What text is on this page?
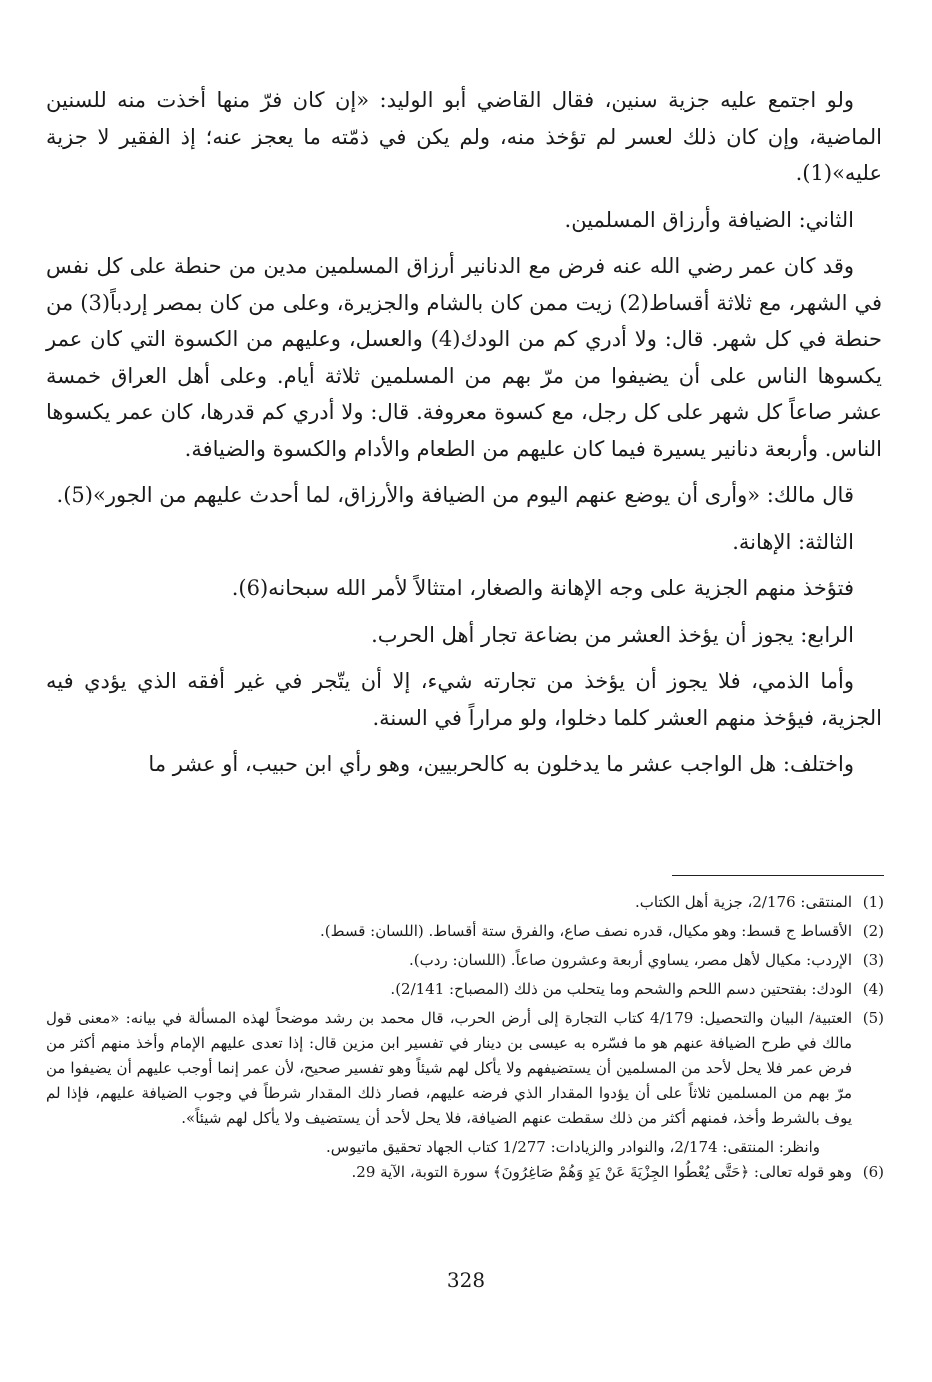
ولو اجتمع عليه جزية سنين، فقال القاضي أبو الوليد: «إن كان فرّ منها أخذت منه للسنين الماضية، وإن كان ذلك لعسر لم تؤخذ منه، ولم يكن في ذمّته ما يعجز عنه؛ إذ الفقير لا جزية عليه»(1).

الثاني: الضيافة وأرزاق المسلمين.

وقد كان عمر رضي الله عنه فرض مع الدنانير أرزاق المسلمين مدين من حنطة على كل نفس في الشهر، مع ثلاثة أقساط(2) زيت ممن كان بالشام والجزيرة، وعلى من كان بمصر إردباً(3) من حنطة في كل شهر. قال: ولا أدري كم من الودك(4) والعسل، وعليهم من الكسوة التي كان عمر يكسوها الناس على أن يضيفوا من مرّ بهم من المسلمين ثلاثة أيام. وعلى أهل العراق خمسة عشر صاعاً كل شهر على كل رجل، مع كسوة معروفة. قال: ولا أدري كم قدرها، كان عمر يكسوها الناس. وأربعة دنانير يسيرة فيما كان عليهم من الطعام والأدام والكسوة والضيافة.

قال مالك: «وأرى أن يوضع عنهم اليوم من الضيافة والأرزاق، لما أحدث عليهم من الجور»(5).

الثالثة: الإهانة.

فتؤخذ منهم الجزية على وجه الإهانة والصغار، امتثالاً لأمر الله سبحانه(6).

الرابع: يجوز أن يؤخذ العشر من بضاعة تجار أهل الحرب.

وأما الذمي، فلا يجوز أن يؤخذ من تجارته شيء، إلا أن يتّجر في غير أفقه الذي يؤدي فيه الجزية، فيؤخذ منهم العشر كلما دخلوا، ولو مراراً في السنة.

واختلف: هل الواجب عشر ما يدخلون به كالحربيين، وهو رأي ابن حبيب، أو عشر ما

(1)
المنتقى: 2/176، جزية أهل الكتاب.
(2)
الأقساط ج قسط: وهو مكيال، قدره نصف صاع، والفرق ستة أقساط. (اللسان: قسط).
(3)
الإردب: مكيال لأهل مصر، يساوي أربعة وعشرون صاعاً. (اللسان: ردب).
(4)
الودك: بفتحتين دسم اللحم والشحم وما يتحلب من ذلك (المصباح: 2/141).
(5)
العتبية/ البيان والتحصيل: 4/179 كتاب التجارة إلى أرض الحرب، قال محمد بن رشد موضحاً لهذه المسألة في بيانه: «معنى قول مالك في طرح الضيافة عنهم هو ما فسّره به عيسى بن دينار في تفسير ابن مزين قال: إذا تعدى عليهم الإمام وأخذ منهم أكثر من فرض عمر فلا يحل لأحد من المسلمين أن يستضيفهم ولا يأكل لهم شيئاً وهو تفسير صحيح، لأن عمر إنما أوجب عليهم أن يضيفوا من مرّ بهم من المسلمين ثلاثاً على أن يؤدوا المقدار الذي فرضه عليهم، فصار ذلك المقدار شرطاً في وجوب الضيافة عليهم، فإذا لم يوف بالشرط وأخذ، فمنهم أكثر من ذلك سقطت عنهم الضيافة، فلا يحل لأحد أن يستضيف ولا يأكل لهم شيئاً».
وانظر: المنتقى: 2/174، والنوادر والزيادات: 1/277 كتاب الجهاد تحقيق ماتيوس.
(6)
وهو قوله تعالى: ﴿حَتَّى يُعْطُوا الجِزْيَةَ عَنْ يَدٍ وَهُمْ صَاغِرُونَ﴾ سورة التوبة، الآية 29.
328
